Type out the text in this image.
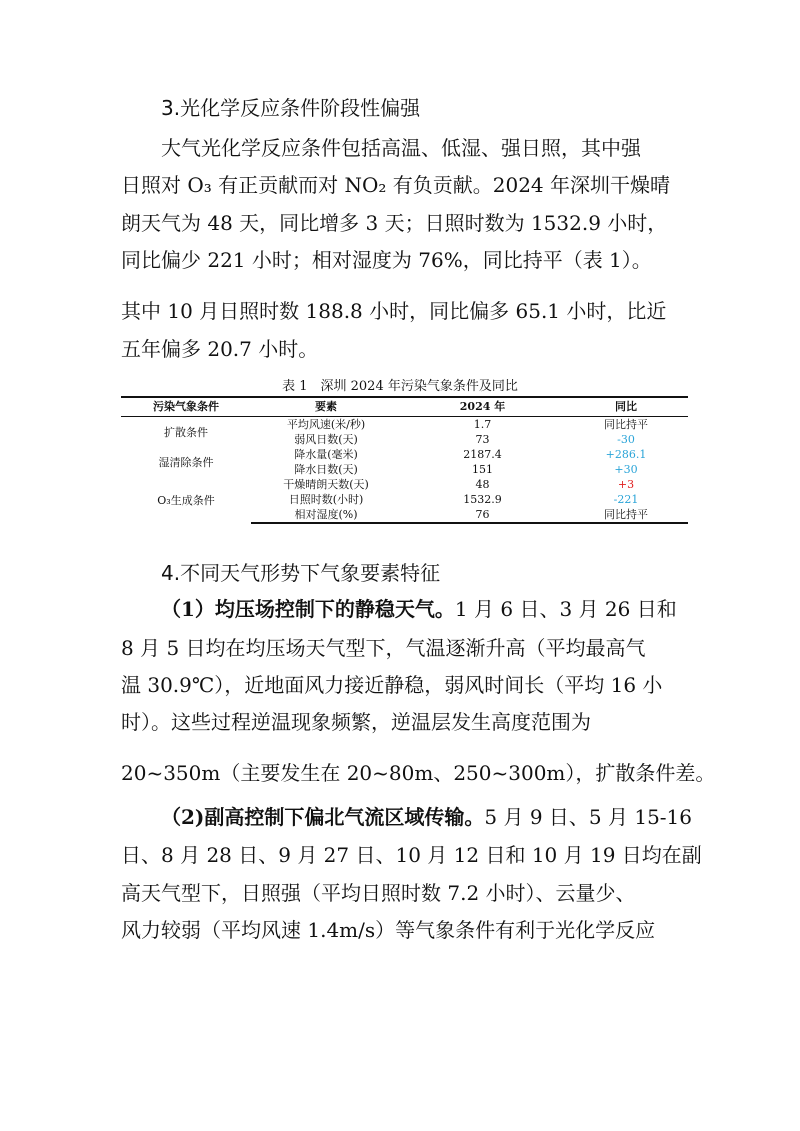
3.光化学反应条件阶段性偏强
大气光化学反应条件包括高温、低湿、强日照，其中强
日照对 O₃ 有正贡献而对 NO₂ 有负贡献。2024 年深圳干燥晴
朗天气为 48 天，同比增多 3 天；日照时数为 1532.9 小时，
同比偏少 221 小时；相对湿度为 76%，同比持平（表 1）。
其中 10 月日照时数 188.8 小时，同比偏多 65.1 小时，比近
五年偏多 20.7 小时。
表 1　深圳 2024 年污染气象条件及同比
污染气象条件	要素	2024 年	同比
扩散条件	平均风速(米/秒)	1.7	同比持平
	弱风日数(天)	73	-30
湿清除条件	降水量(毫米)	2187.4	+286.1
	降水日数(天)	151	+30
O₃生成条件	干燥晴朗天数(天)	48	+3
	日照时数(小时)	1532.9	-221
	相对湿度(%)	76	同比持平
4.不同天气形势下气象要素特征
（1）均压场控制下的静稳天气。1 月 6 日、3 月 26 日和
8 月 5 日均在均压场天气型下，气温逐渐升高（平均最高气
温 30.9℃），近地面风力接近静稳，弱风时间长（平均 16 小
时）。这些过程逆温现象频繁，逆温层发生高度范围为
20~350m（主要发生在 20~80m、250~300m），扩散条件差。
（2)副高控制下偏北气流区域传输。5 月 9 日、5 月 15-16
日、8 月 28 日、9 月 27 日、10 月 12 日和 10 月 19 日均在副
高天气型下，日照强（平均日照时数 7.2 小时）、云量少、
风力较弱（平均风速 1.4m/s）等气象条件有利于光化学反应
